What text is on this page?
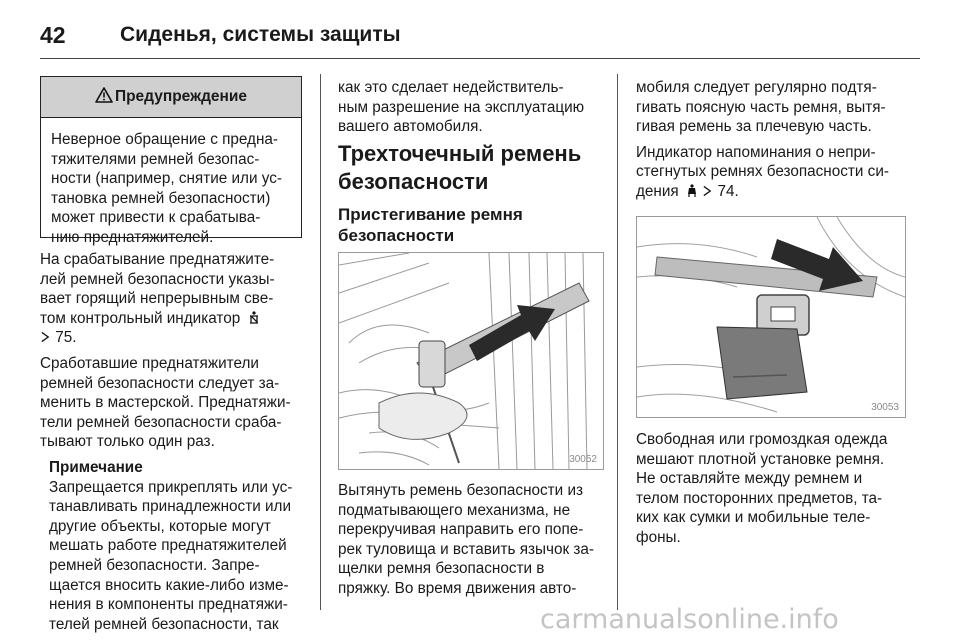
42	Сиденья, системы защиты
Предупреждение
Неверное обращение с предна-
тяжителями ремней безопас-
ности (например, снятие или ус-
тановка ремней безопасности)
может привести к срабатыва-
нию преднатяжителей.

На срабатывание преднатяжите-
лей ремней безопасности указы-
вает горящий непрерывным све-
том контрольный индикатор
75.

Сработавшие преднатяжители
ремней безопасности следует за-
менить в мастерской. Преднатяжи-
тели ремней безопасности сраба-
тывают только один раз.

Примечание
Запрещается прикреплять или ус-
танавливать принадлежности или
другие объекты, которые могут
мешать работе преднатяжителей
ремней безопасности. Запре-
щается вносить какие-либо изме-
нения в компоненты преднатяжи-
телей ремней безопасности, так
как это сделает недействитель-
ным разрешение на эксплуатацию
вашего автомобиля.
Трехточечный ремень
безопасности
Пристегивание ремня
безопасности
30052
Вытянуть ремень безопасности из
подматывающего механизма, не
перекручивая направить его попе-
рек туловища и вставить язычок за-
щелки ремня безопасности в
пряжку. Во время движения авто-

мобиля следует регулярно подтя-
гивать поясную часть ремня, вытя-
гивая ремень за плечевую часть.

Индикатор напоминания о непри-
стегнутых ремнях безопасности си-
дения	74.

30053
Свободная или громоздкая одежда
мешают плотной установке ремня.
Не оставляйте между ремнем и
телом посторонних предметов, та-
ких как сумки и мобильные теле-
фоны.
carmanualsonline.info
